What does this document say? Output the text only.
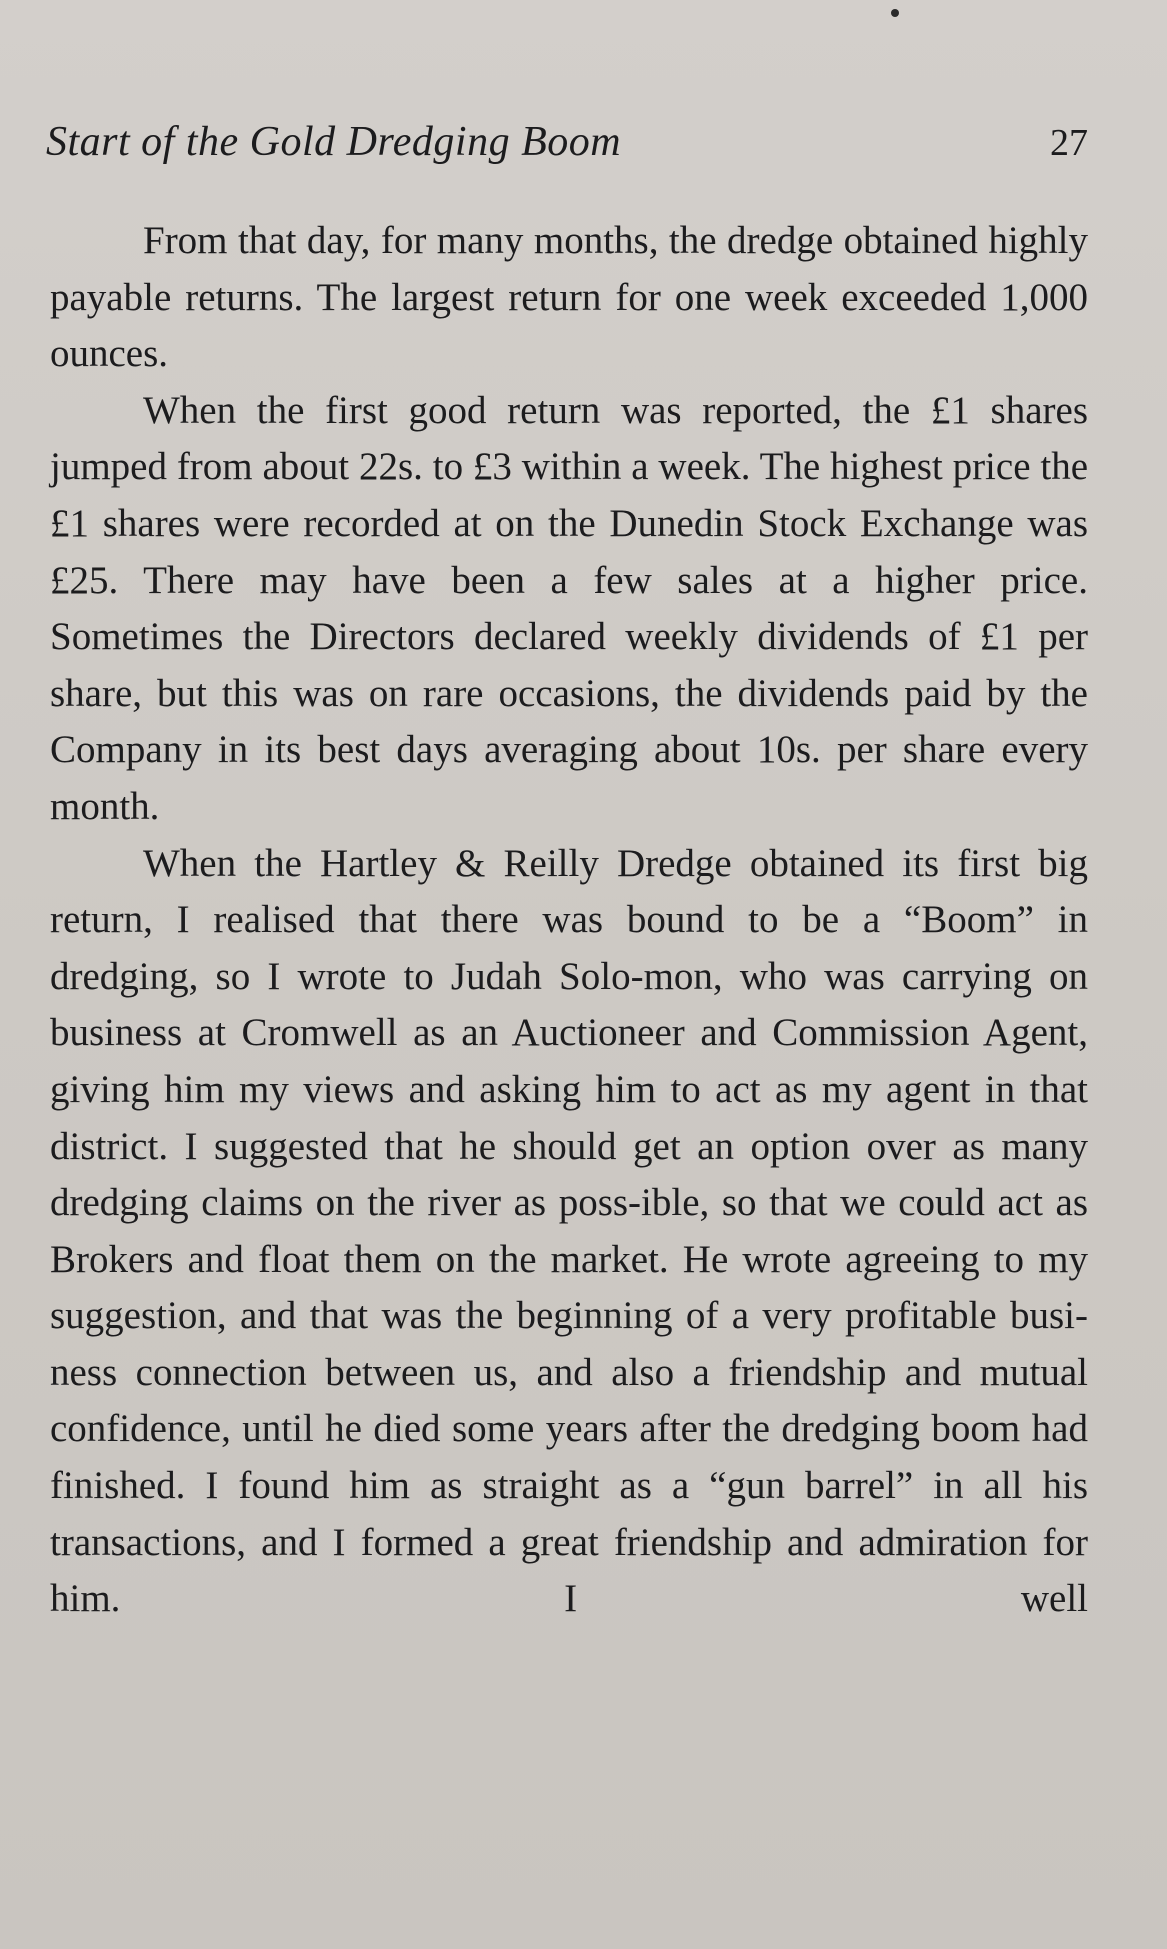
Start of the Gold Dredging Boom	27

From that day, for many months, the dredge obtained highly payable returns. The largest return for one week exceeded 1,000 ounces.

When the first good return was reported, the £1 shares jumped from about 22s. to £3 within a week. The highest price the £1 shares were recorded at on the Dunedin Stock Exchange was £25. There may have been a few sales at a higher price. Sometimes the Directors declared weekly dividends of £1 per share, but this was on rare occasions, the dividends paid by the Company in its best days averaging about 10s. per share every month.

When the Hartley & Reilly Dredge obtained its first big return, I realised that there was bound to be a “Boom” in dredging, so I wrote to Judah Solo-mon, who was carrying on business at Cromwell as an Auctioneer and Commission Agent, giving him my views and asking him to act as my agent in that district. I suggested that he should get an option over as many dredging claims on the river as poss-ible, so that we could act as Brokers and float them on the market. He wrote agreeing to my suggestion, and that was the beginning of a very profitable busi-ness connection between us, and also a friendship and mutual confidence, until he died some years after the dredging boom had finished. I found him as straight as a “gun barrel” in all his transactions, and I formed a great friendship and admiration for him. I well
